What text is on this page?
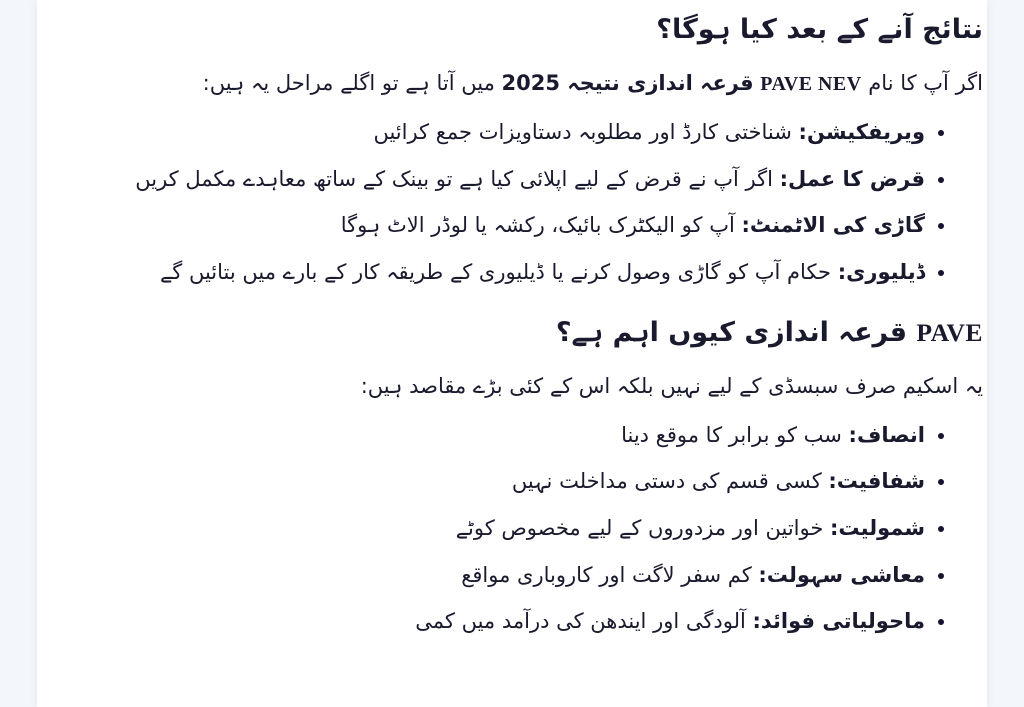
نتائج آنے کے بعد کیا ہوگا؟

اگر آپ کا نام PAVE NEV قرعہ اندازی نتیجہ 2025 میں آتا ہے تو اگلے مراحل یہ ہیں:

• ویریفکیشن: شناختی کارڈ اور مطلوبہ دستاویزات جمع کرائیں
• قرض کا عمل: اگر آپ نے قرض کے لیے اپلائی کیا ہے تو بینک کے ساتھ معاہدے مکمل کریں
• گاڑی کی الاٹمنٹ: آپ کو الیکٹرک بائیک، رکشہ یا لوڈر الاٹ ہوگا
• ڈیلیوری: حکام آپ کو گاڑی وصول کرنے یا ڈیلیوری کے طریقہ کار کے بارے میں بتائیں گے
PAVE قرعہ اندازی کیوں اہم ہے؟

یہ اسکیم صرف سبسڈی کے لیے نہیں بلکہ اس کے کئی بڑے مقاصد ہیں:

• انصاف: سب کو برابر کا موقع دینا
• شفافیت: کسی قسم کی دستی مداخلت نہیں
• شمولیت: خواتین اور مزدوروں کے لیے مخصوص کوٹے
• معاشی سہولت: کم سفر لاگت اور کاروباری مواقع
• ماحولیاتی فوائد: آلودگی اور ایندھن کی درآمد میں کمی
